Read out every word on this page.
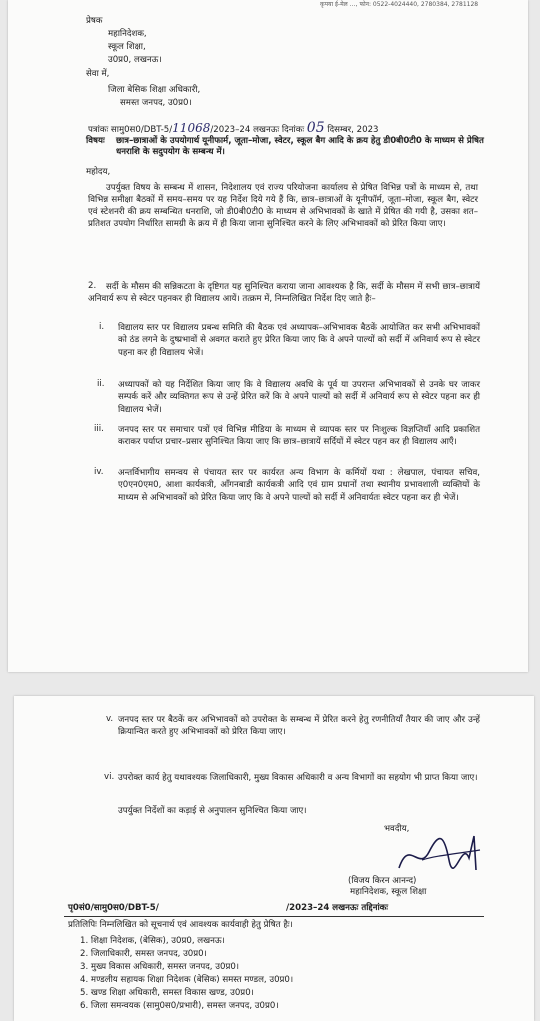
कृपया ई-मेल …, फोन: 0522-4024440, 2780384, 2781128
प्रेषक
महानिदेशक,
स्कूल शिक्षा,
उ0प्र0, लखनऊ।
सेवा में,
जिला बेसिक शिक्षा अधिकारी,
समस्त जनपद, उ0प्र0।
पत्रांकः सामु0स0/DBT-5/11068/2023–24 लखनऊः दिनांकः 05 दिसम्बर, 2023
विषयः छात्र–छात्राओं के उपयोगार्थ यूनीफार्म, जूता–मोजा, स्वेटर, स्कूल बैग आदि के क्रय हेतु डी0बी0टी0 के माध्यम से प्रेषित धनराशि के सदुपयोग के सम्बन्ध में।
महोदय,
उपर्युक्त विषय के सम्बन्ध में शासन, निदेशालय एवं राज्य परियोजना कार्यालय से प्रेषित विभिन्न पत्रों के माध्यम से, तथा विभिन्न समीक्षा बैठकों में समय–समय पर यह निर्देश दिये गये हैं कि, छात्र–छात्राओं के यूनीफॉर्म, जूता–मोजा, स्कूल बैग, स्वेटर एवं स्टेशनरी की क्रय सम्बन्धित धनराशि, जो डी0बी0टी0 के माध्यम से अभिभावकों के खाते में प्रेषित की गयी है, उसका शत–प्रतिशत उपयोग निर्धारित सामग्री के क्रय में ही किया जाना सुनिश्चित करने के लिए अभिभावकों को प्रेरित किया जाए।
2.	सर्दी के मौसम की सन्निकटता के दृष्टिगत यह सुनिश्चित कराया जाना आवश्यक है कि, सर्दी के मौसम में सभी छात्र–छात्रायें अनिवार्य रूप से स्वेटर पहनकर ही विद्यालय आयें। तत्क्रम में, निम्नलिखित निर्देश दिए जाते हैः–
i. विद्यालय स्तर पर विद्यालय प्रबन्ध समिति की बैठक एवं अध्यापक–अभिभावक बैठकें आयोजित कर सभी अभिभावकों को ठंड लगने के दुष्प्रभावों से अवगत कराते हुए प्रेरित किया जाए कि वे अपने पाल्यों को सर्दी में अनिवार्य रूप से स्वेटर पहना कर ही विद्यालय भेजें।
ii. अध्यापकों को यह निर्देशित किया जाए कि वे विद्यालय अवधि के पूर्व या उपरान्त अभिभावकों से उनके घर जाकर सम्पर्क करें और व्यक्तिगत रूप से उन्हें प्रेरित करें कि वे अपने पाल्यों को सर्दी में अनिवार्य रूप से स्वेटर पहना कर ही विद्यालय भेजें।
iii. जनपद स्तर पर समाचार पत्रों एवं विभिन्न मीडिया के माध्यम से व्यापक स्तर पर निःशुल्क विज्ञप्तियाँ आदि प्रकाशित कराकर पर्याप्त प्रचार–प्रसार सुनिश्चित किया जाए कि छात्र–छात्रायें सर्दियों में स्वेटर पहन कर ही विद्यालय आएँ।
iv. अन्तर्विभागीय समन्वय से पंचायत स्तर पर कार्यरत अन्य विभाग के कर्मियों यथा : लेखपाल, पंचायत सचिव, ए0एन0एम0, आशा कार्यकत्री, आँगनबाडी कार्यकत्री आदि एवं ग्राम प्रधानों तथा स्थानीय प्रभावशाली व्यक्तियों के माध्यम से अभिभावकों को प्रेरित किया जाए कि वे अपने पाल्यों को सर्दी में अनिवार्यतः स्वेटर पहना कर ही भेजें।
v. जनपद स्तर पर बैठकें कर अभिभावकों को उपरोक्त के सम्बन्ध में प्रेरित करने हेतु रणनीतियाँ तैयार की जाए और उन्हें क्रियान्वित करते हुए अभिभावकों को प्रेरित किया जाए।
vi. उपरोक्त कार्य हेतु यथावश्यक जिलाधिकारी, मुख्य विकास अधिकारी व अन्य विभागों का सहयोग भी प्राप्त किया जाए।
उपर्युक्त निर्देशों का कड़ाई से अनुपालन सुनिश्चित किया जाए।
भवदीय,
(विजय किरन आनन्द)
महानिदेशक, स्कूल शिक्षा
पृ0सं0/सामु0स0/DBT-5/	/2023–24 लखनऊः तद्दिनांकः
प्रतिलिपिः निम्नलिखित को सूचनार्थ एवं आवश्यक कार्यवाही हेतु प्रेषित हैः।
1. शिक्षा निदेशक, (बेसिक), उ0प्र0, लखनऊ।
2. जिलाधिकारी, समस्त जनपद, उ0प्र0।
3. मुख्य विकास अधिकारी, समस्त जनपद, उ0प्र0।
4. मण्डलीय सहायक शिक्षा निदेशक (बेसिक) समस्त मण्डल, उ0प्र0।
5. खण्ड शिक्षा अधिकारी, समस्त विकास खण्ड, उ0प्र0।
6. जिला समन्वयक (सामु0स0/प्रभारी), समस्त जनपद, उ0प्र0।
